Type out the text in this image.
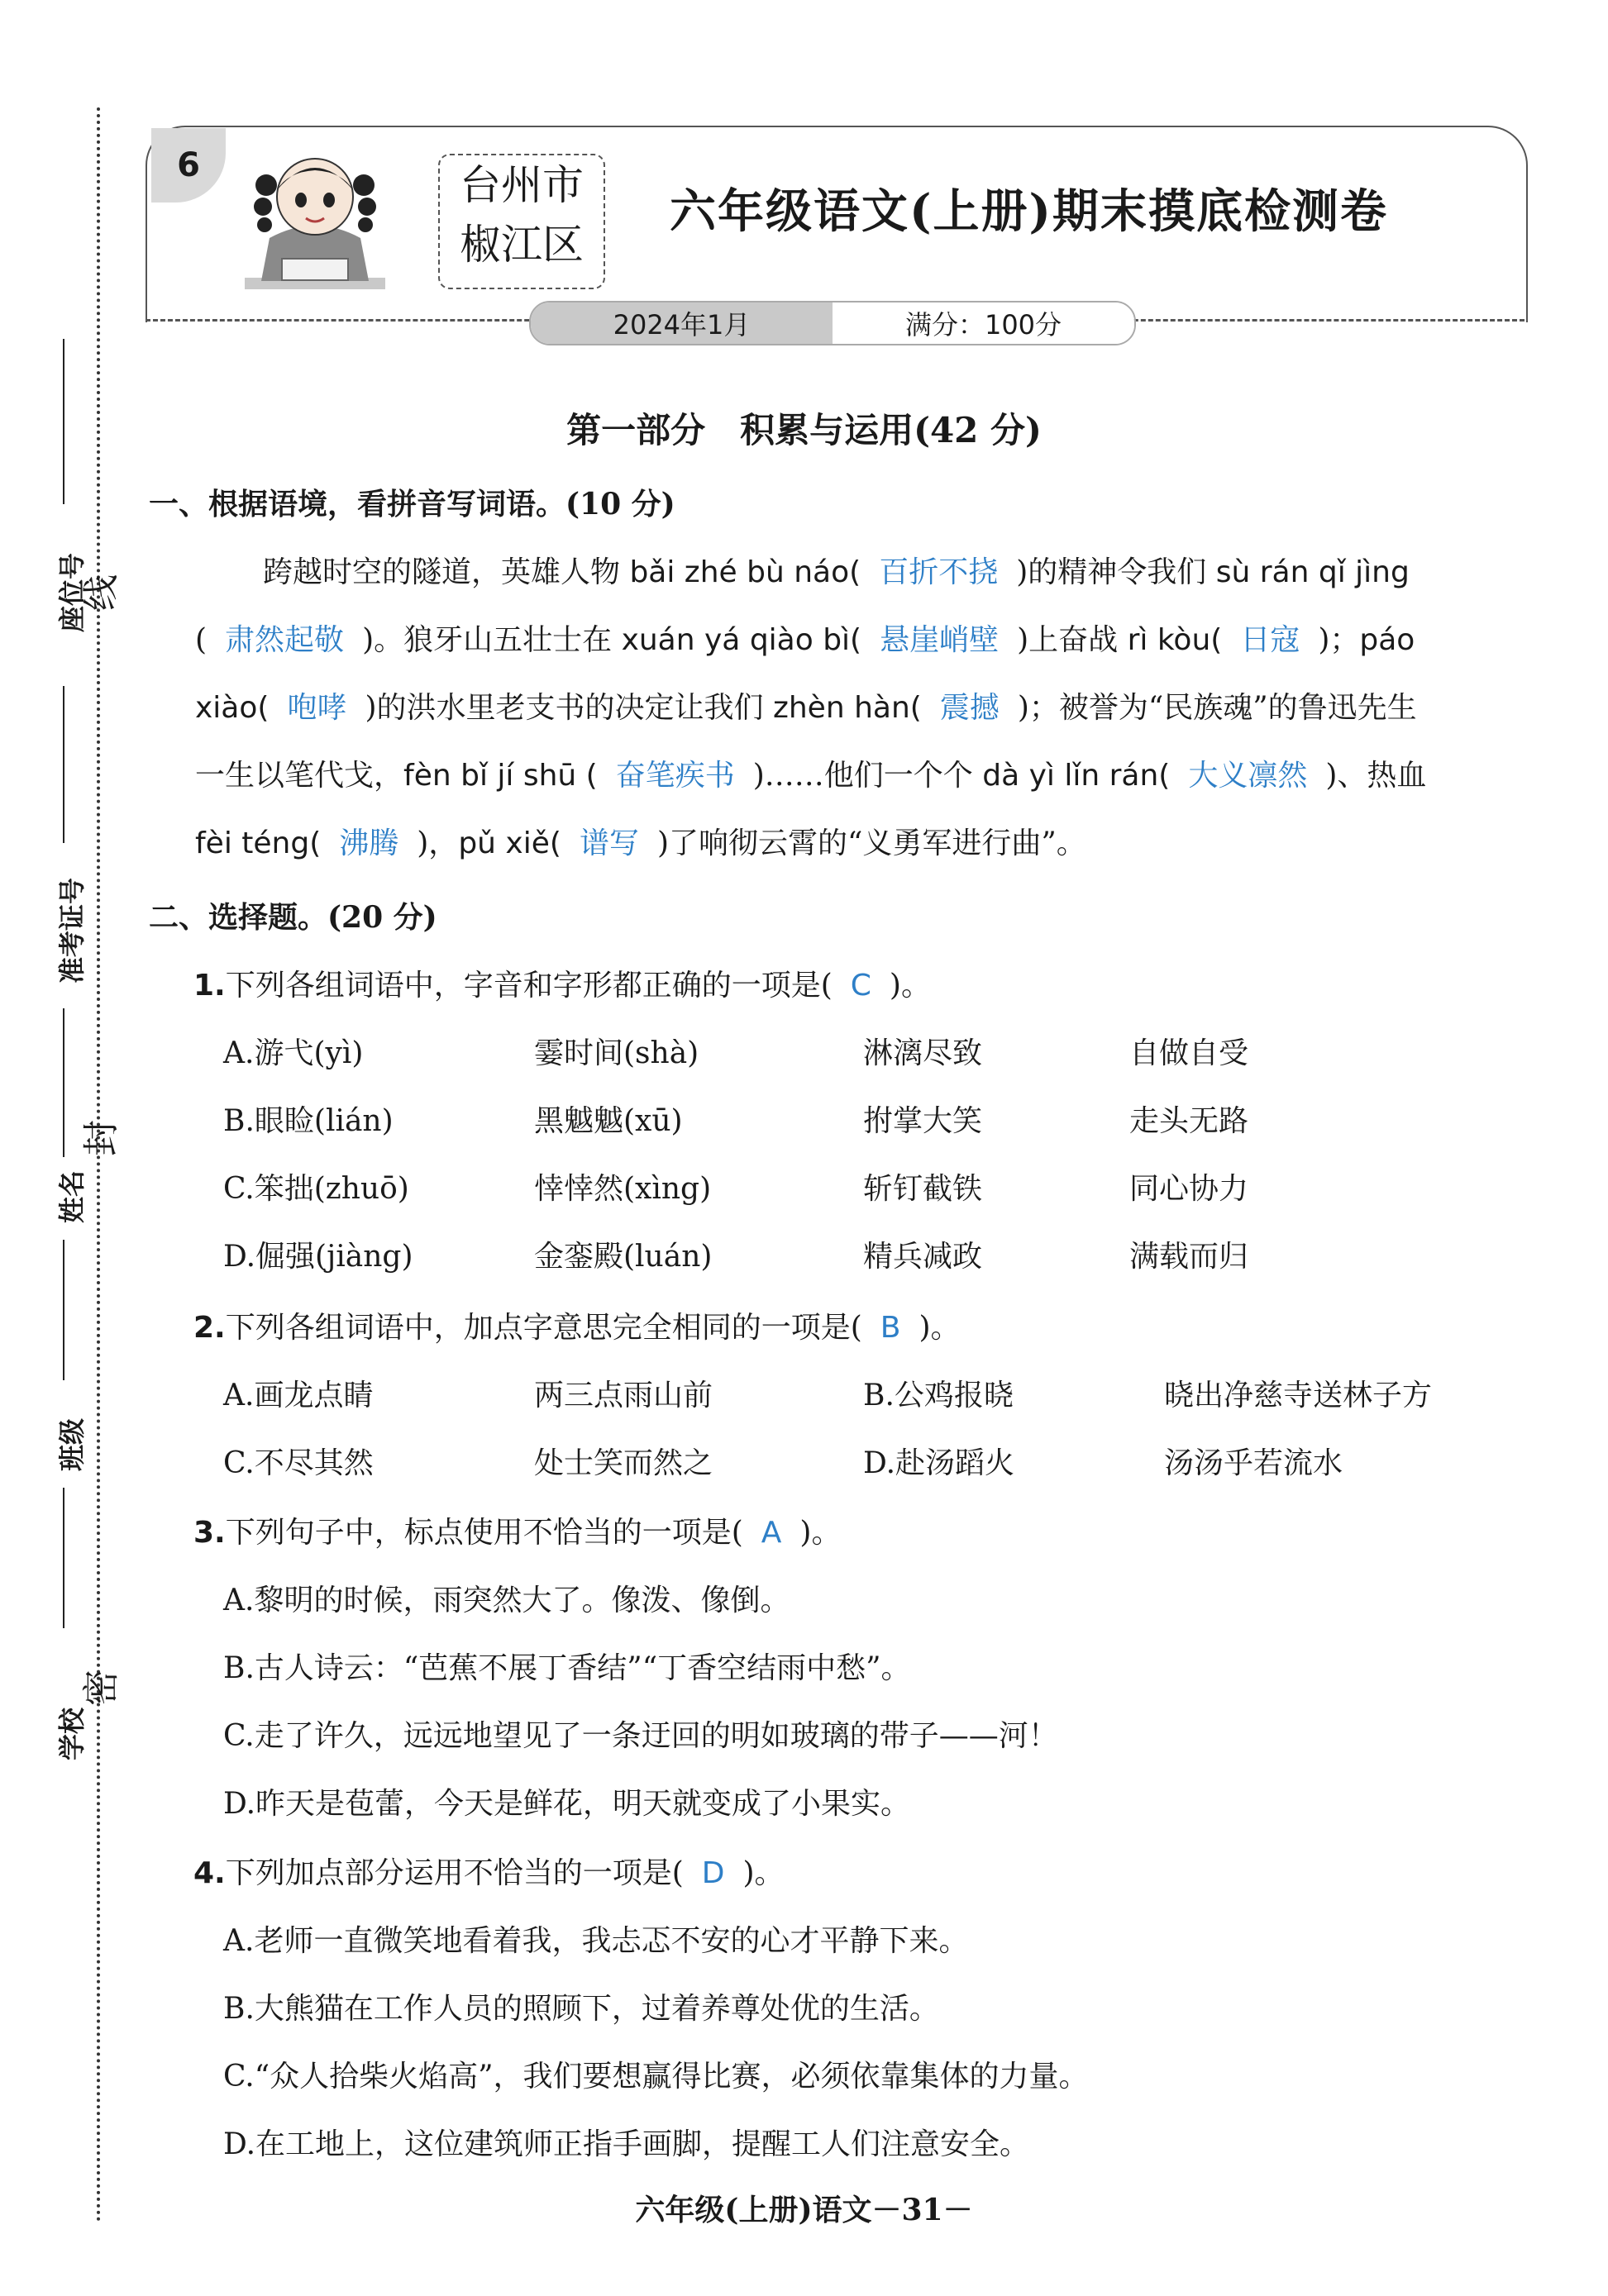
座位号
线
准考证号
封
姓名
班级
密
学校
6	台州市
椒江区
六年级语文(上册)期末摸底检测卷
2024年1月	满分：100分
第一部分　积累与运用(42 分)
一、根据语境，看拼音写词语。(10 分)
跨越时空的隧道，英雄人物 bǎi zhé bù náo( 百折不挠 )的精神令我们 sù rán qǐ jìng
( 肃然起敬 )。狼牙山五壮士在 xuán yá qiào bì( 悬崖峭壁 )上奋战 rì kòu( 日寇 )；páo
xiào( 咆哮 )的洪水里老支书的决定让我们 zhèn hàn( 震撼 )；被誉为“民族魂”的鲁迅先生
一生以笔代戈，fèn bǐ jí shū ( 奋笔疾书 )……他们一个个 dà yì lǐn rán( 大义凛然 )、热血
fèi téng( 沸腾 )，pǔ xiě( 谱写 )了响彻云霄的“义勇军进行曲”。
二、选择题。(20 分)
1.下列各组词语中，字音和字形都正确的一项是( C )。
A.游弋(yì)	霎时间(shà)	淋漓尽致	自做自受
B.眼睑(lián)	黑魆魆(xū)	拊掌大笑	走头无路
C.笨拙(zhuō)	悻悻然(xìng)	斩钉截铁	同心协力
D.倔强(jiàng)	金銮殿(luán)	精兵减政	满载而归
2.下列各组词语中，加点字意思完全相同的一项是( B )。
A.画龙点睛	两三点雨山前	B.公鸡报晓	晓出净慈寺送林子方
C.不尽其然	处士笑而然之	D.赴汤蹈火	汤汤乎若流水
3.下列句子中，标点使用不恰当的一项是( A )。
A.黎明的时候，雨突然大了。像泼、像倒。
B.古人诗云：“芭蕉不展丁香结”“丁香空结雨中愁”。
C.走了许久，远远地望见了一条迂回的明如玻璃的带子——河！
D.昨天是苞蕾，今天是鲜花，明天就变成了小果实。
4.下列加点部分运用不恰当的一项是( D )。
A.老师一直微笑地看着我，我忐忑不安的心才平静下来。
B.大熊猫在工作人员的照顾下，过着养尊处优的生活。
C.“众人拾柴火焰高”，我们要想赢得比赛，必须依靠集体的力量。
D.在工地上，这位建筑师正指手画脚，提醒工人们注意安全。
六年级(上册)语文－31－
